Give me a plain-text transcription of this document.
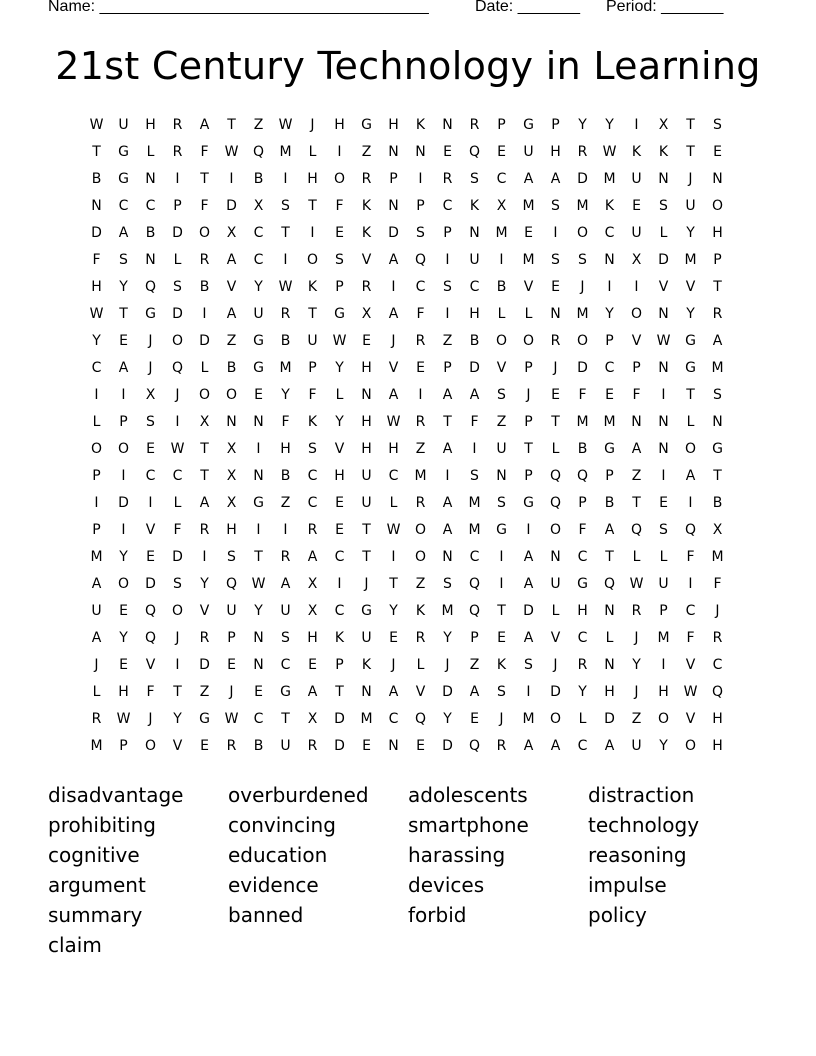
Name: _____________________________________	Date: _______ Period: _______
21st Century Technology in Learning
W	U	H	R	A	T	Z	W	J	H	G	H	K	N	R	P	G	P	Y	Y	I	X	T	S
T	G	L	R	F	W	Q	M	L	I	Z	N	N	E	Q	E	U	H	R	W	K	K	T	E
B	G	N	I	T	I	B	I	H	O	R	P	I	R	S	C	A	A	D	M	U	N	J	N
N	C	C	P	F	D	X	S	T	F	K	N	P	C	K	X	M	S	M	K	E	S	U	O
D	A	B	D	O	X	C	T	I	E	K	D	S	P	N	M	E	I	O	C	U	L	Y	H
F	S	N	L	R	A	C	I	O	S	V	A	Q	I	U	I	M	S	S	N	X	D	M	P
H	Y	Q	S	B	V	Y	W	K	P	R	I	C	S	C	B	V	E	J	I	I	V	V	T
W	T	G	D	I	A	U	R	T	G	X	A	F	I	H	L	L	N	M	Y	O	N	Y	R
Y	E	J	O	D	Z	G	B	U	W	E	J	R	Z	B	O	O	R	O	P	V	W	G	A
C	A	J	Q	L	B	G	M	P	Y	H	V	E	P	D	V	P	J	D	C	P	N	G	M
I	I	X	J	O	O	E	Y	F	L	N	A	I	A	A	S	J	E	F	E	F	I	T	S
L	P	S	I	X	N	N	F	K	Y	H	W	R	T	F	Z	P	T	M	M	N	N	L	N
O	O	E	W	T	X	I	H	S	V	H	H	Z	A	I	U	T	L	B	G	A	N	O	G
P	I	C	C	T	X	N	B	C	H	U	C	M	I	S	N	P	Q	Q	P	Z	I	A	T
I	D	I	L	A	X	G	Z	C	E	U	L	R	A	M	S	G	Q	P	B	T	E	I	B
P	I	V	F	R	H	I	I	R	E	T	W	O	A	M	G	I	O	F	A	Q	S	Q	X
M	Y	E	D	I	S	T	R	A	C	T	I	O	N	C	I	A	N	C	T	L	L	F	M
A	O	D	S	Y	Q	W	A	X	I	J	T	Z	S	Q	I	A	U	G	Q	W	U	I	F
U	E	Q	O	V	U	Y	U	X	C	G	Y	K	M	Q	T	D	L	H	N	R	P	C	J
A	Y	Q	J	R	P	N	S	H	K	U	E	R	Y	P	E	A	V	C	L	J	M	F	R
J	E	V	I	D	E	N	C	E	P	K	J	L	J	Z	K	S	J	R	N	Y	I	V	C
L	H	F	T	Z	J	E	G	A	T	N	A	V	D	A	S	I	D	Y	H	J	H	W	Q
R	W	J	Y	G	W	C	T	X	D	M	C	Q	Y	E	J	M	O	L	D	Z	O	V	H
M	P	O	V	E	R	B	U	R	D	E	N	E	D	Q	R	A	A	C	A	U	Y	O	H
disadvantage	overburdened	adolescents	distraction
prohibiting	convincing	smartphone	technology
cognitive	education	harassing	reasoning
argument	evidence	devices	impulse
summary	banned	forbid	policy
claim
